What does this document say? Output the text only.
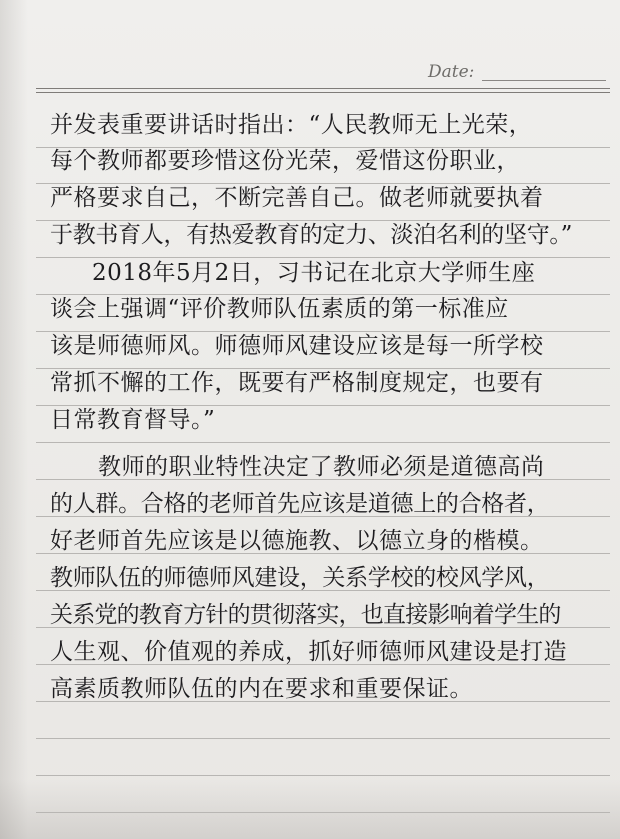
Date:
并发表重要讲话时指出：“人民教师无上光荣，
每个教师都要珍惜这份光荣，爱惜这份职业，
严格要求自己，不断完善自己。做老师就要执着
于教书育人，有热爱教育的定力、淡泊名利的坚守。”
2018年5月2日，习书记在北京大学师生座
谈会上强调“评价教师队伍素质的第一标准应
该是师德师风。师德师风建设应该是每一所学校
常抓不懈的工作，既要有严格制度规定，也要有
日常教育督导。”
教师的职业特性决定了教师必须是道德高尚
的人群。合格的老师首先应该是道德上的合格者，
好老师首先应该是以德施教、以德立身的楷模。
教师队伍的师德师风建设，关系学校的校风学风，
关系党的教育方针的贯彻落实，也直接影响着学生的
人生观、价值观的养成，抓好师德师风建设是打造
高素质教师队伍的内在要求和重要保证。
